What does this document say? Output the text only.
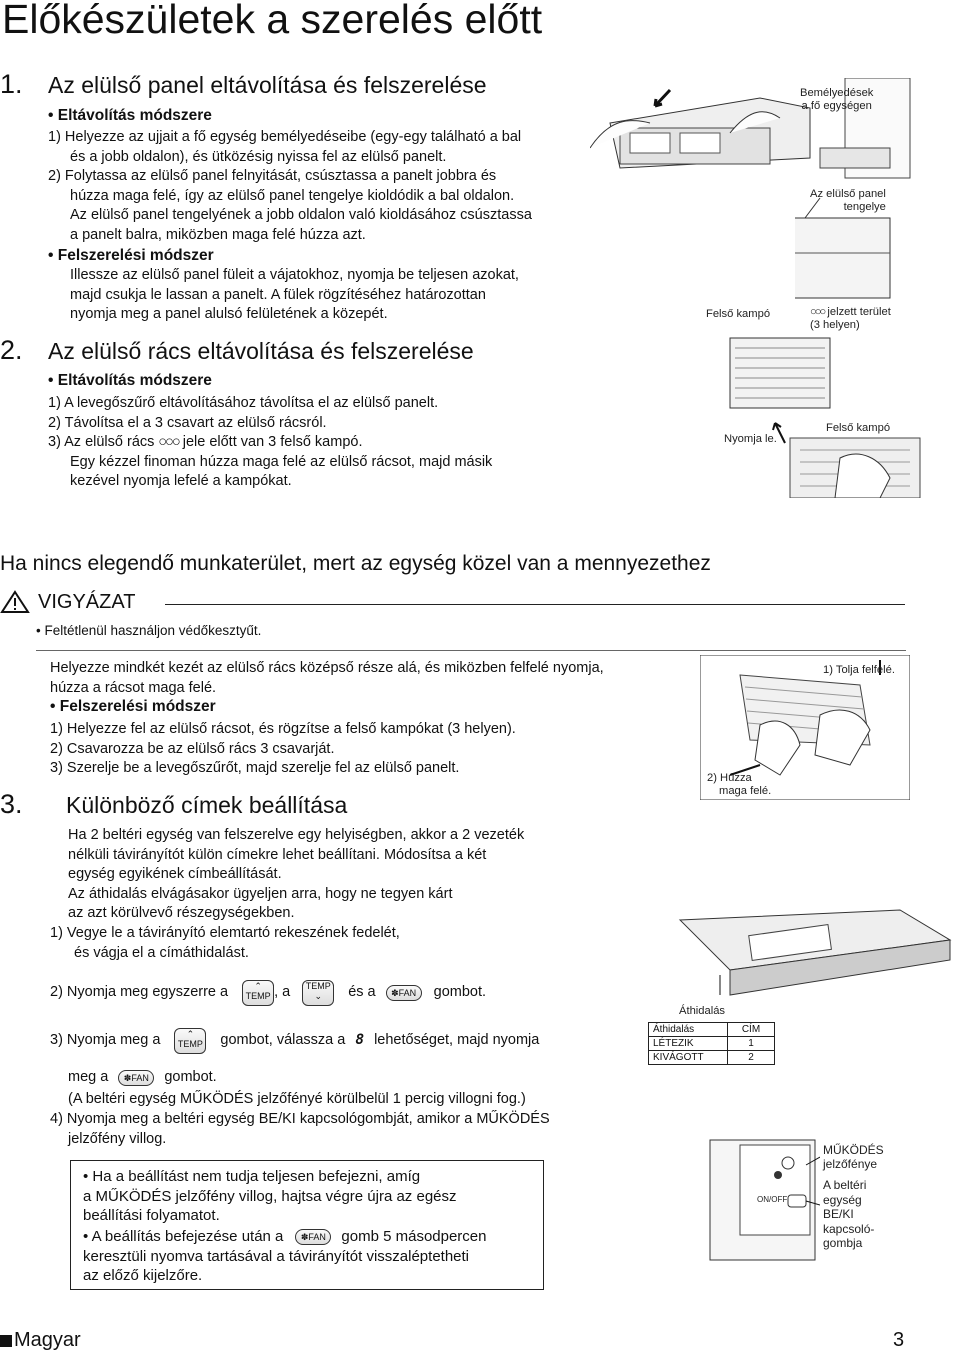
Előkészületek a szerelés előtt
1. Az elülső panel eltávolítása és felszerelése
• Eltávolítás módszere
1) Helyezze az ujjait a fő egység bemélyedéseibe (egy-egy található a bal
és a jobb oldalon), és ütközésig nyissa fel az elülső panelt.
2) Folytassa az elülső panel felnyitását, csúsztassa a panelt jobbra és
húzza maga felé, így az elülső panel tengelye kioldódik a bal oldalon.
Az elülső panel tengelyének a jobb oldalon való kioldásához csúsztassa
a panelt balra, miközben maga felé húzza azt.
• Felszerelési módszer
Illessze az elülső panel füleit a vájatokhoz, nyomja be teljesen azokat,
majd csukja le lassan a panelt. A fülek rögzítéséhez határozottan
nyomja meg a panel alulsó felületének a közepét.
Bemélyedések
a fő egységen
Az elülső panel
tengelye
Felső kampó	○○○ jelzett terület
(3 helyen)
2. Az elülső rács eltávolítása és felszerelése
• Eltávolítás módszere
1) A levegőszűrő eltávolításához távolítsa el az elülső panelt.
2) Távolítsa el a 3 csavart az elülső rácsról.
3) Az elülső rács ○○○ jele előtt van 3 felső kampó.
Egy kézzel finoman húzza maga felé az elülső rácsot, majd másik
kezével nyomja lefelé a kampókat.
Nyomja le.
Felső kampó
Ha nincs elegendő munkaterület, mert az egység közel van a mennyezethez
VIGYÁZAT
• Feltétlenül használjon védőkesztyűt.
Helyezze mindkét kezét az elülső rács középső része alá, és miközben felfelé nyomja,
húzza a rácsot maga felé.
• Felszerelési módszer
1) Helyezze fel az elülső rácsot, és rögzítse a felső kampókat (3 helyen).
2) Csavarozza be az elülső rács 3 csavarját.
3) Szerelje be a levegőszűrőt, majd szerelje fel az elülső panelt.
1) Tolja felfelé.
2) Húzza
maga felé.
3. Különböző címek beállítása
Ha 2 beltéri egység van felszerelve egy helyiségben, akkor a 2 vezeték
nélküli távirányítót külön címekre lehet beállítani. Módosítsa a két
egység egyikének címbeállítását.
Az áthidalás elvágásakor ügyeljen arra, hogy ne tegyen kárt
az azt körülvevő részegységekben.
1) Vegye le a távirányító elemtartó rekeszének fedelét,
és vágja el a címáthidalást.
2) Nyomja meg egyszerre a	⌃
TEMP , a	TEMP
⌄	és a	✽FAN	gombot.
3) Nyomja meg a	⌃
TEMP gombot, válassza a 8 lehetőséget, majd nyomja
meg a	✽FAN	gombot.
(A beltéri egység MŰKÖDÉS jelzőfényé körülbelül 1 percig villogni fog.)
4) Nyomja meg a beltéri egység BE/KI kapcsológombját, amikor a MŰKÖDÉS
jelzőfény villog.
Áthidalás
Áthidalás	CÍM
LÉTEZIK	1
KIVÁGOTT	2
• Ha a beállítást nem tudja teljesen befejezni, amíg
a MŰKÖDÉS jelzőfény villog, hajtsa végre újra az egész
beállítási folyamatot.
• A beállítás befejezése után a	✽FAN	gomb 5 másodpercen
keresztüli nyomva tartásával a távirányítót visszaléptetheti
az előző kijelzőre.
ON/OFF
MŰKÖDÉS
jelzőfénye
A beltéri
egység
BE/KI
kapcsoló-
gombja
Magyar	3
